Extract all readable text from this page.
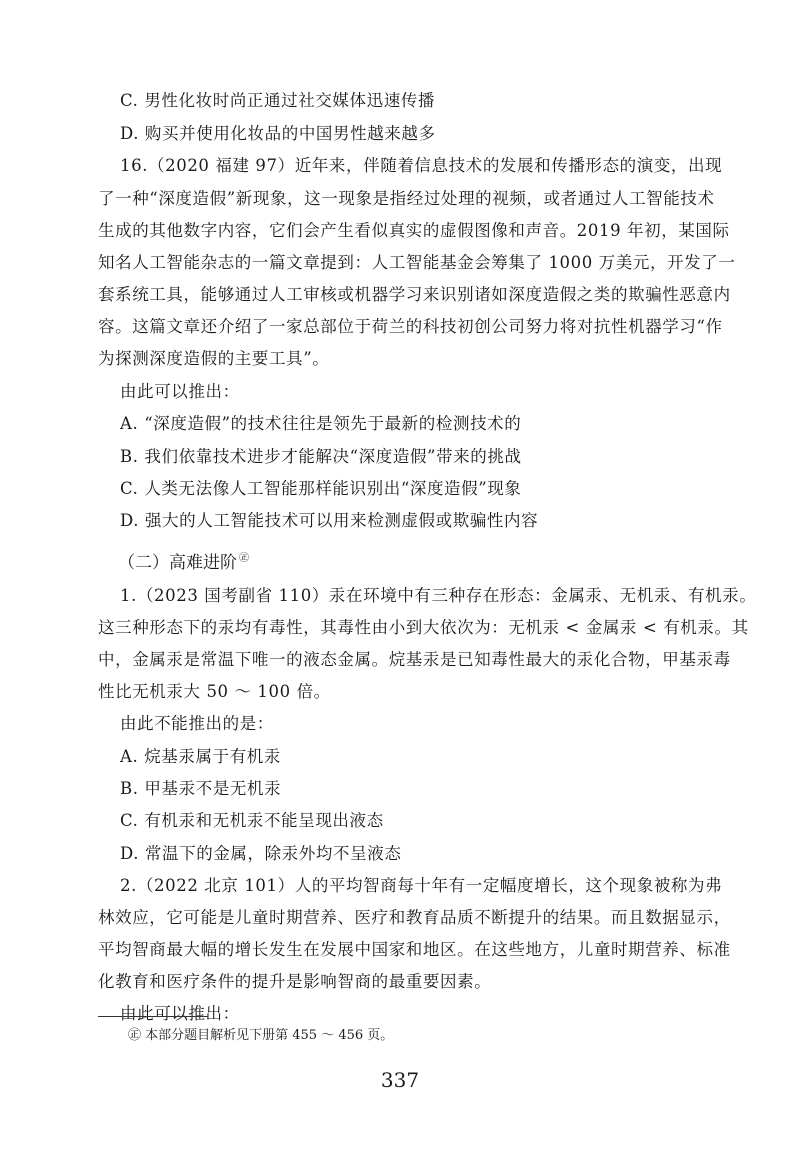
C. 男性化妆时尚正通过社交媒体迅速传播
D. 购买并使用化妆品的中国男性越来越多
16.（2020 福建 97）近年来，伴随着信息技术的发展和传播形态的演变，出现
了一种“深度造假”新现象，这一现象是指经过处理的视频，或者通过人工智能技术
生成的其他数字内容，它们会产生看似真实的虚假图像和声音。2019 年初，某国际
知名人工智能杂志的一篇文章提到：人工智能基金会筹集了 1000 万美元，开发了一
套系统工具，能够通过人工审核或机器学习来识别诸如深度造假之类的欺骗性恶意内
容。这篇文章还介绍了一家总部位于荷兰的科技初创公司努力将对抗性机器学习“作
为探测深度造假的主要工具”。
由此可以推出：
A. “深度造假”的技术往往是领先于最新的检测技术的
B. 我们依靠技术进步才能解决“深度造假”带来的挑战
C. 人类无法像人工智能那样能识别出“深度造假”现象
D. 强大的人工智能技术可以用来检测虚假或欺骗性内容
1.（2023 国考副省 110）汞在环境中有三种存在形态：金属汞、无机汞、有机汞。
这三种形态下的汞均有毒性，其毒性由小到大依次为：无机汞 < 金属汞 < 有机汞。其
中，金属汞是常温下唯一的液态金属。烷基汞是已知毒性最大的汞化合物，甲基汞毒
性比无机汞大 50 ～ 100 倍。
由此不能推出的是：
A. 烷基汞属于有机汞
B. 甲基汞不是无机汞
C. 有机汞和无机汞不能呈现出液态
D. 常温下的金属，除汞外均不呈液态
2.（2022 北京 101）人的平均智商每十年有一定幅度增长，这个现象被称为弗
林效应，它可能是儿童时期营养、医疗和教育品质不断提升的结果。而且数据显示，
平均智商最大幅的增长发生在发展中国家和地区。在这些地方，儿童时期营养、标准
化教育和医疗条件的提升是影响智商的最重要因素。
由此可以推出：
（二）高难进阶 ㊣
㊣ 本部分题目解析见下册第 455 ～ 456 页。
337
